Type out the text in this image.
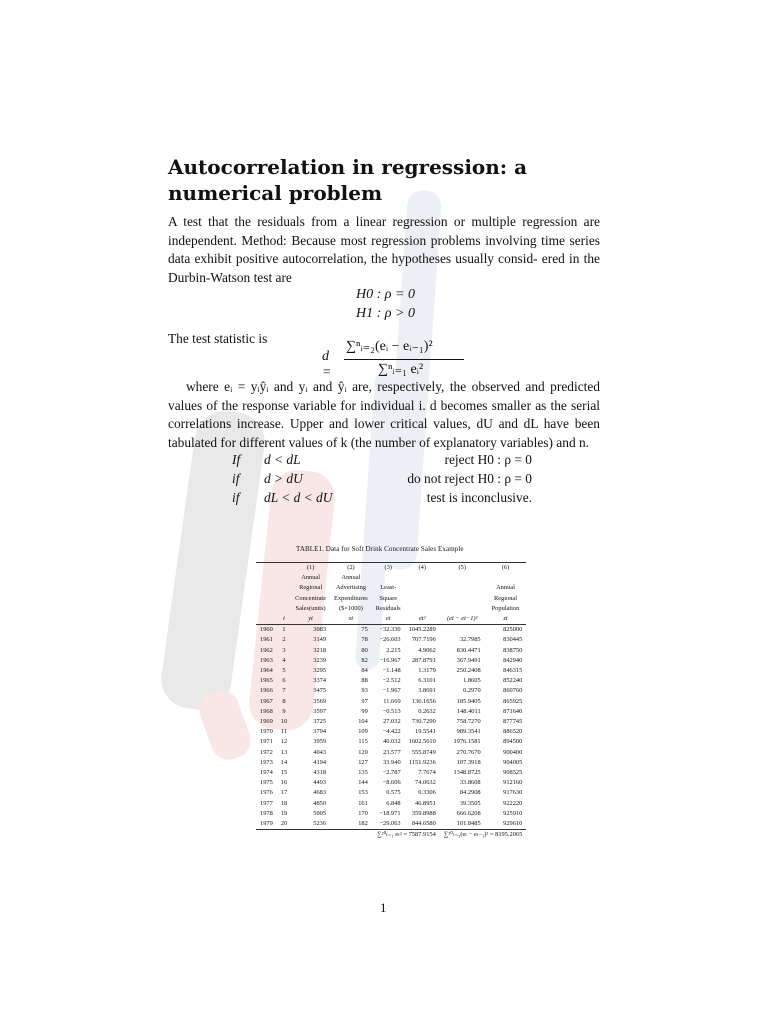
Autocorrelation in regression: a numerical problem
A test that the residuals from a linear regression or multiple regression are independent. Method: Because most regression problems involving time series data exhibit positive autocorrelation, the hypotheses usually consid- ered in the Durbin-Watson test are
H0 : ρ = 0
H1 : ρ > 0
The test statistic is
d =
∑ⁿᵢ₌₂(eᵢ − eᵢ₋₁)²
∑ⁿᵢ₌₁ eᵢ²
where eᵢ = yᵢŷᵢ and yᵢ and ŷᵢ are, respectively, the observed and predicted values of the response variable for individual i. d becomes smaller as the serial correlations increase. Upper and lower critical values, dU and dL have been tabulated for different values of k (the number of explanatory variables) and n.
If d < dL	reject H0 : ρ = 0
if d > dU	do not reject H0 : ρ = 0
if dL < d < dU	test is inconclusive.
TABLE1. Data for Soft Drink Concentrate Sales Example
		(1)	(2)	(3)	(4)	(5)	(6)
		Annual	Annual				
		Regional	Advertising	Least-			Annual
		Concentrate	Expenditures	Square			Regional
		Sales(units)	($×1000)	Residuals			Population
	t	yt	xt	et	et²	(et − et−1)²	zt
1960	1	3083	75	−32.330	1045.2289		825000
1961	2	3149	78	−26.603	707.7196	32.7985	830445
1962	3	3218	80	2.215	4.9062	830.4471	838750
1963	4	3239	82	−16.967	287.8791	367.9491	842940
1964	5	3295	84	−1.148	1.3179	250.2408	846315
1965	6	3374	88	−2.512	6.3101	1.8605	852240
1966	7	3475	93	−1.967	3.8691	0.2970	860760
1967	8	3569	97	11.669	136.1656	185.9405	865925
1968	9	3597	99	−0.513	0.2632	148.4011	871640
1969	10	3725	104	27.032	730.7290	758.7270	877745
1970	11	3794	109	−4.422	19.5541	989.3541	886520
1971	12	3959	115	40.032	1602.5610	1976.1581	894500
1972	13	4043	120	23.577	555.8749	270.7670	900400
1973	14	4194	127	33.940	1151.9236	107.3918	904005
1974	15	4318	135	−2.787	7.7674	1348.8725	908525
1975	16	4493	144	−8.606	74.0632	33.8608	912160
1976	17	4683	153	0.575	0.3306	84.2908	917630
1977	18	4850	161	6.848	46.8951	39.3505	922220
1978	19	5005	170	−18.971	359.8988	666.6208	925910
1979	20	5236	182	−29.063	844.6580	101.8485	929610
				∑²⁰ₜ₌₁ eₜ² = 7587.9154		∑²⁰ₜ₌₂(eₜ − eₜ₋₁)² = 8195.2065	
1
